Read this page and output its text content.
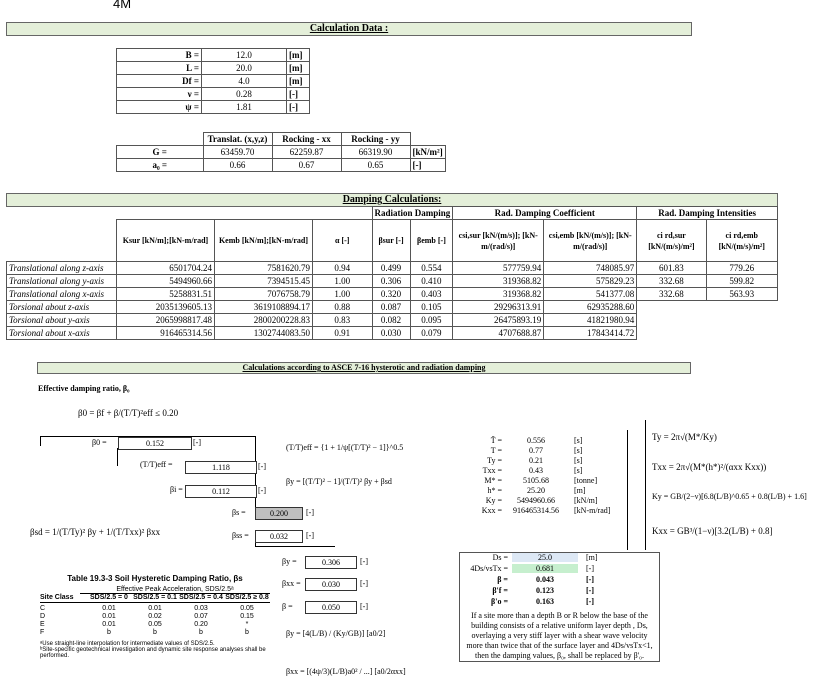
4M
Calculation Data :
B =	12.0	[m]
L =	20.0	[m]
Df =	4.0	[m]
ν =	0.28	[-]
ψ =	1.81	[-]
	Translat. (x,y,z)	Rocking - xx	Rocking - yy	
G =	63459.70	62259.87	66319.90	[kN/m²]
a₀ =	0.66	0.67	0.65	[-]
Damping Calculations:
				Radiation Damping		Rad. Damping Coefficient		Rad. Damping Intensities	
	Ksur [kN/m];[kN-m/rad]	Kemb [kN/m];[kN-m/rad]	α [-]	βsur [-]	βemb [-]	csi,sur [kN/(m/s)]; [kN-m/(rad/s)]	csi,emb [kN/(m/s)]; [kN-m/(rad/s)]	ci rd,sur [kN/(m/s)/m²]	ci rd,emb [kN/(m/s)/m²]
Translational along z-axis	6501704.24	7581620.79	0.94	0.499	0.554	577759.94	748085.97	601.83	779.26
Translational along y-axis	5494960.66	7394515.45	1.00	0.306	0.410	319368.82	575829.23	332.68	599.82
Translational along x-axis	5258831.51	7076758.79	1.00	0.320	0.403	319368.82	541377.08	332.68	563.93
Torsional about z-axis	2035139605.13	3619108894.17	0.88	0.087	0.105	29296313.91	62935288.60		
Torsional about y-axis	2065998817.48	2800200228.83	0.83	0.082	0.095	26475893.19	41821980.94		
Torsional about x-axis	916465314.56	1302744083.50	0.91	0.030	0.079	4707688.87	17843414.72		
Calculations according to ASCE 7-16 hysterotic and radiation damping
Effective damping ratio, β₀
β0 = βf + β/(T/T)²eff ≤ 0.20
β0 =	0.152	[-]
(T/T)eff =	1.118	[-]
βi =	0.112	[-]
βs =	0.200	[-]
βss =	0.032	[-]
βsd = 1/(T/Ty)² βy + 1/(T/Txx)² βxx
βy =	0.306	[-]
βxx =	0.030	[-]
β =	0.050	[-]
(T/T)eff = {1 + 1/ψ[(T/T)² − 1]}^0.5
βy = [(T/T)² − 1]/(T/T)² βy + βsd
βy = [4(L/B) / (Ky/GB)] [a0/2]
βxx = [(4ψ/3)(L/B)a0² / ...] [a0/2αxx]
T̃ =	0.556	[s]
T =	0.77	[s]
Ty =	0.21	[s]
Txx =	0.43	[s]
M* =	5105.68	[tonne]
h* =	25.20	[m]
Ky =	5494960.66	[kN/m]
Kxx =	916465314.56	[kN-m/rad]
Ty = 2π√(M*/Ky)
Txx = 2π√(M*(h*)²/(αxx Kxx))
Ky = GB/(2−ν)[6.8(L/B)^0.65 + 0.8(L/B) + 1.6]
Kxx = GB³/(1−ν)[3.2(L/B) + 0.8]
Ds =	25.0	[m]
4Ds/vsTx =	0.681	[-]
β =	0.043	[-]
β'f =	0.123	[-]
β'o =	0.163	[-]
If a site more than a depth B or R below the base of the building consists of a relative uniform layer depth , Ds, overlaying a very stiff layer with a shear wave velocity more than twice that of the surface layer and 4Ds/vsTx<1, then the damping values, β₀, shall be replaced by β'₀.
Table 19.3-3 Soil Hysteretic Damping Ratio, βs
Effective Peak Acceleration, SDS/2.5ᵃ
Site Class	SDS/2.5 = 0 SDS/2.5 = 0.1 SDS/2.5 = 0.4 SDS/2.5 ≥ 0.8
C	0.01	0.01	0.03	0.05
D	0.01	0.02	0.07	0.15
E	0.01	0.05	0.20	*
F	b	b	b	b
ᵃUse straight-line interpolation for intermediate values of SDS/2.5.
ᵇSite-specific geotechnical investigation and dynamic site response analyses shall be performed.
